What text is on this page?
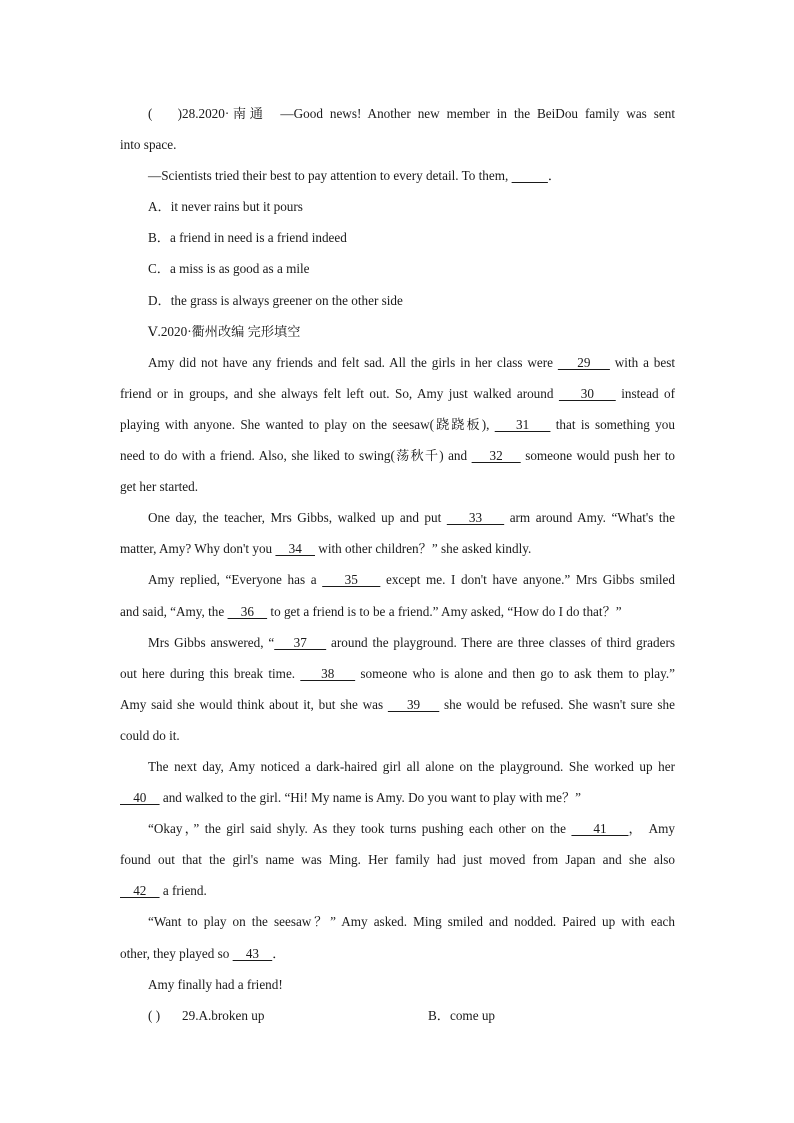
( )28.2020·南通 —Good news! Another new member in the BeiDou family was sent
into space.
—Scientists tried their best to pay attention to every detail. To them,	．
A．it never rains but it pours
B．a friend in need is a friend indeed
C．a miss is as good as a mile
D．the grass is always greener on the other side
Ⅴ.2020·衢州改编 完形填空
Amy did not have any friends and felt sad. All the girls in her class were     29     with a best
friend or in groups, and she always felt left out. So, Amy just walked around     30     instead of
playing with anyone. She wanted to play on the seesaw(跷跷板),     31     that is something you
need to do with a friend. Also, she liked to swing(荡秋千) and     32     someone would push her to
get her started.
One day, the teacher, Mrs Gibbs, walked up and put     33     arm around Amy. “What's the
matter, Amy? Why don't you     34     with other children？” she asked kindly.
Amy replied, “Everyone has a     35     except me. I don't have anyone.” Mrs Gibbs smiled
and said, “Amy, the     36     to get a friend is to be a friend.” Amy asked, “How do I do that？”
Mrs Gibbs answered, “    37     around the playground. There are three classes of third graders
out here during this break time.     38     someone who is alone and then go to ask them to play.”
Amy said she would think about it, but she was     39     she would be refused. She wasn't sure she
could do it.
The next day, Amy noticed a dark-haired girl all alone on the playground. She worked up her
40     and walked to the girl. “Hi! My name is Amy. Do you want to play with me？”
“Okay，” the girl said shyly. As they took turns pushing each other on the     41    ， Amy
found out that the girl's name was Ming. Her family had just moved from Japan and she also
42     a friend.
“Want to play on the seesaw？” Amy asked. Ming smiled and nodded. Paired up with each
other, they played so     43    ．
Amy finally had a friend!
( ) 29.A.broken up	B．come up
